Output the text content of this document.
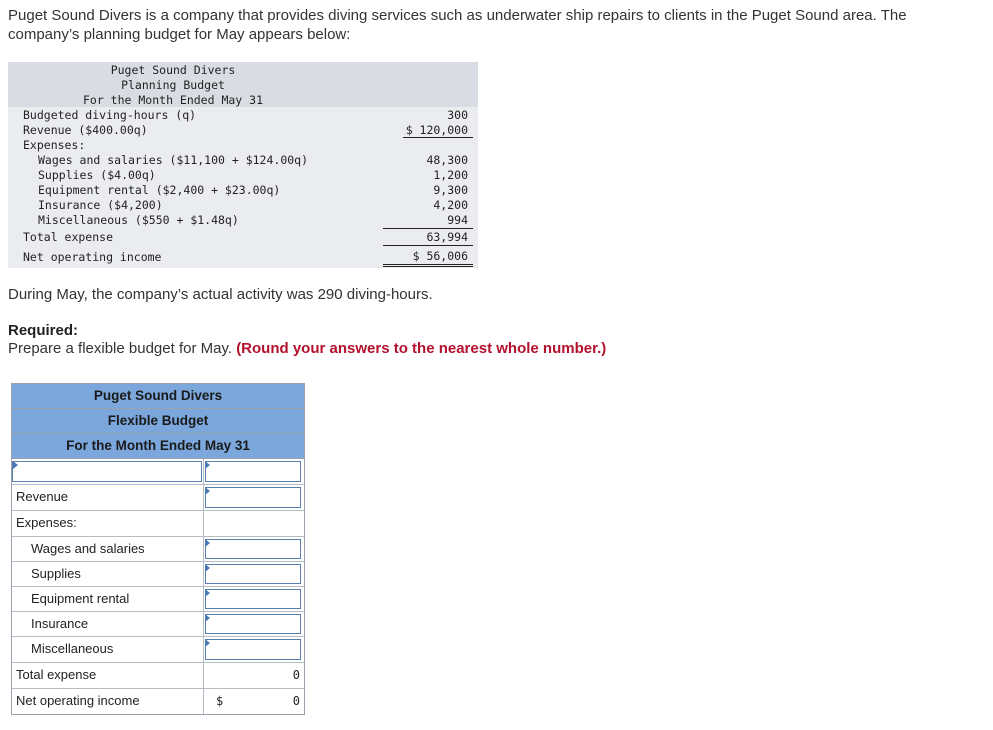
Puget Sound Divers is a company that provides diving services such as underwater ship repairs to clients in the Puget Sound area. The company’s planning budget for May appears below:
Puget Sound Divers
Planning Budget
For the Month Ended May 31
Budgeted diving-hours (q)	300
Revenue ($400.00q)	$ 120,000
Expenses:
Wages and salaries ($11,100 + $124.00q)	48,300
Supplies ($4.00q)	1,200
Equipment rental ($2,400 + $23.00q)	9,300
Insurance ($4,200)	4,200
Miscellaneous ($550 + $1.48q)	994
Total expense	63,994
Net operating income	$ 56,006
During May, the company’s actual activity was 290 diving-hours.
Required:
Prepare a flexible budget for May. (Round your answers to the nearest whole number.)
Puget Sound Divers
Flexible Budget
For the Month Ended May 31
Revenue
Expenses:
Wages and salaries
Supplies
Equipment rental
Insurance
Miscellaneous
Total expense	0
Net operating income	$	0
